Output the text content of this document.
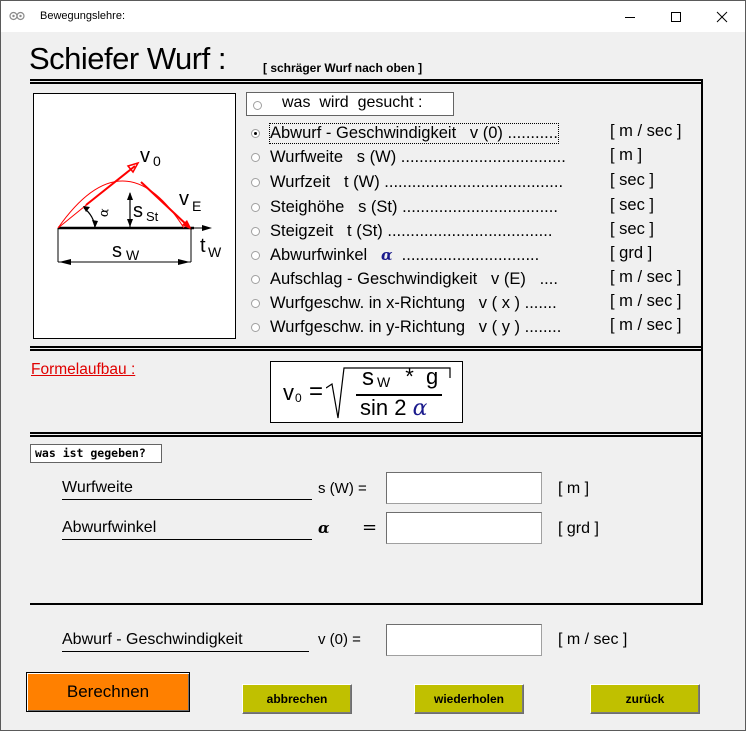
Bewegungslehre:
Schiefer Wurf :	[ schräger Wurf nach oben ]
v 0
v E
s St
s W	t W
α
was  wird  gesucht :
Abwurf - Geschwindigkeit   v (0) ...........	[ m / sec ]
Wurfweite   s (W) ....................................	[ m ]
Wurfzeit   t (W) .......................................	[ sec ]
Steighöhe   s (St) ..................................	[ sec ]
Steigzeit   t (St) ....................................	[ sec ]
Abwurfwinkel   α  ..............................	[ grd ]
Aufschlag - Geschwindigkeit   v (E)   ....	[ m / sec ]
Wurfgeschw. in x-Richtung   v ( x ) .......	[ m / sec ]
Wurfgeschw. in y-Richtung   v ( y ) ........	[ m / sec ]
Formelaufbau :
v 0 =
s W *  g
sin 2 α
was ist gegeben?
Wurfweite	s (W) =	[ m ]
Abwurfwinkel	α =	[ grd ]
Abwurf - Geschwindigkeit	v (0) =	[ m / sec ]
Berechnen	abbrechen	wiederholen	zurück
